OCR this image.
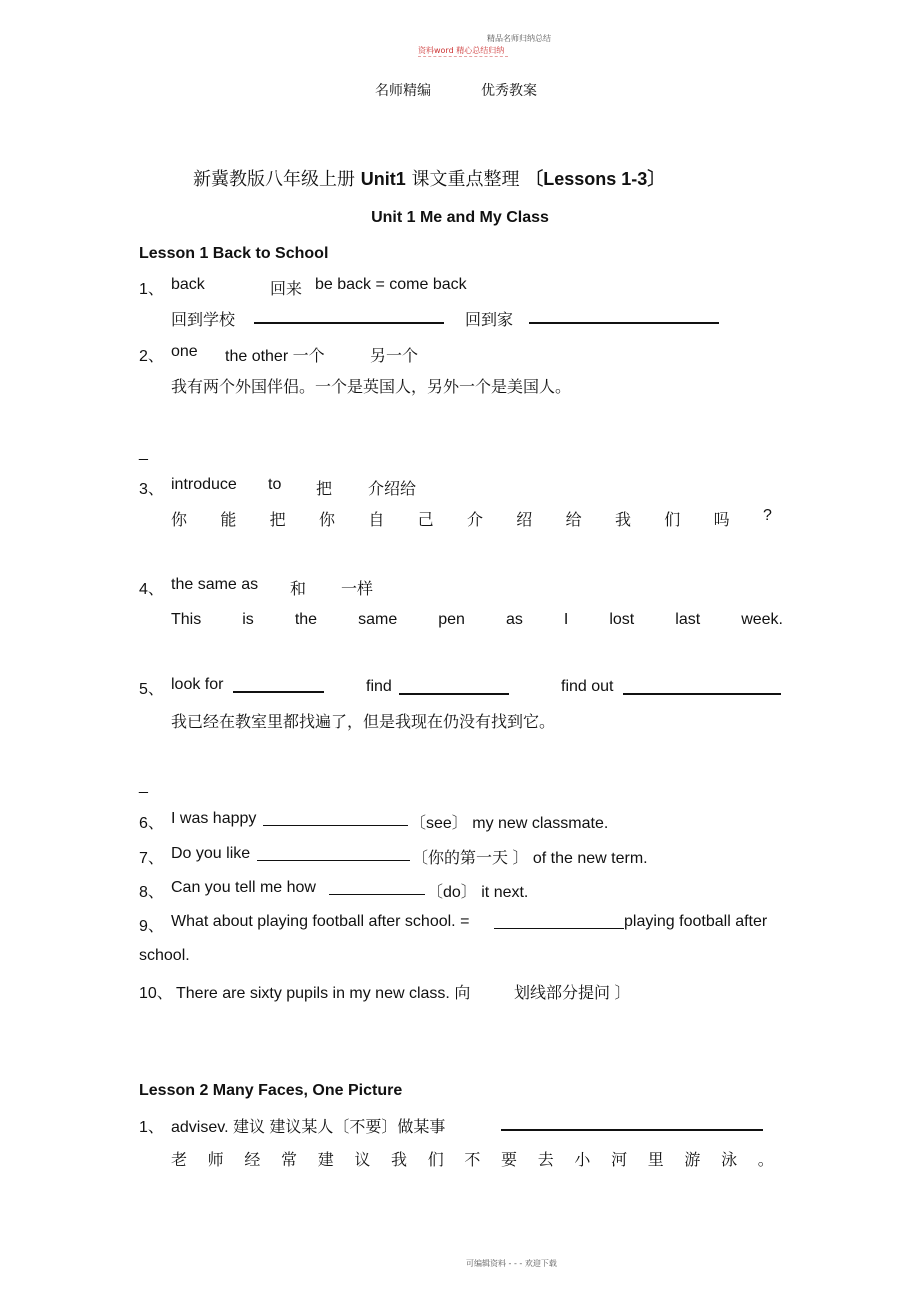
精品名师归纳总结
资料word 精心总结归纳
名师精编	优秀教案
新冀教版八年级上册 Unit1 课文重点整理 〔Lessons 1-3〕
Unit 1 Me and My Class
Lesson 1 Back to School
1、 back	回来 be back = come back
回到学校	回到家
2、 one the other 一个	另一个
我有两个外国伴侣。一个是英国人，另外一个是美国人。
_
3、 introduce to 把 介绍给
你 能 把 你 自 己 介 绍 给 我 们 吗 ?
4、 the same as 和 一样
This	is	the	same	pen	as	I	lost	last	week.
5、 look for	find	find out
我已经在教室里都找遍了，但是我现在仍没有找到它。
_
6、 I was happy	〔see〕 my new classmate.
7、 Do you like	〔你的第一天 〕 of the new term.
8、 Can you tell me how	〔do〕 it next.
9、 What about playing football after school. =	playing football after
school.
10、 There are sixty pupils in my new class. 向	划线部分提问 〕
Lesson 2 Many Faces, One Picture
1、 advisev. 建议 建议某人〔不要〕做某事
老 师 经 常 建 议 我 们 不 要 去 小 河 里 游 泳 。
可编辑资料 - - - 欢迎下载
